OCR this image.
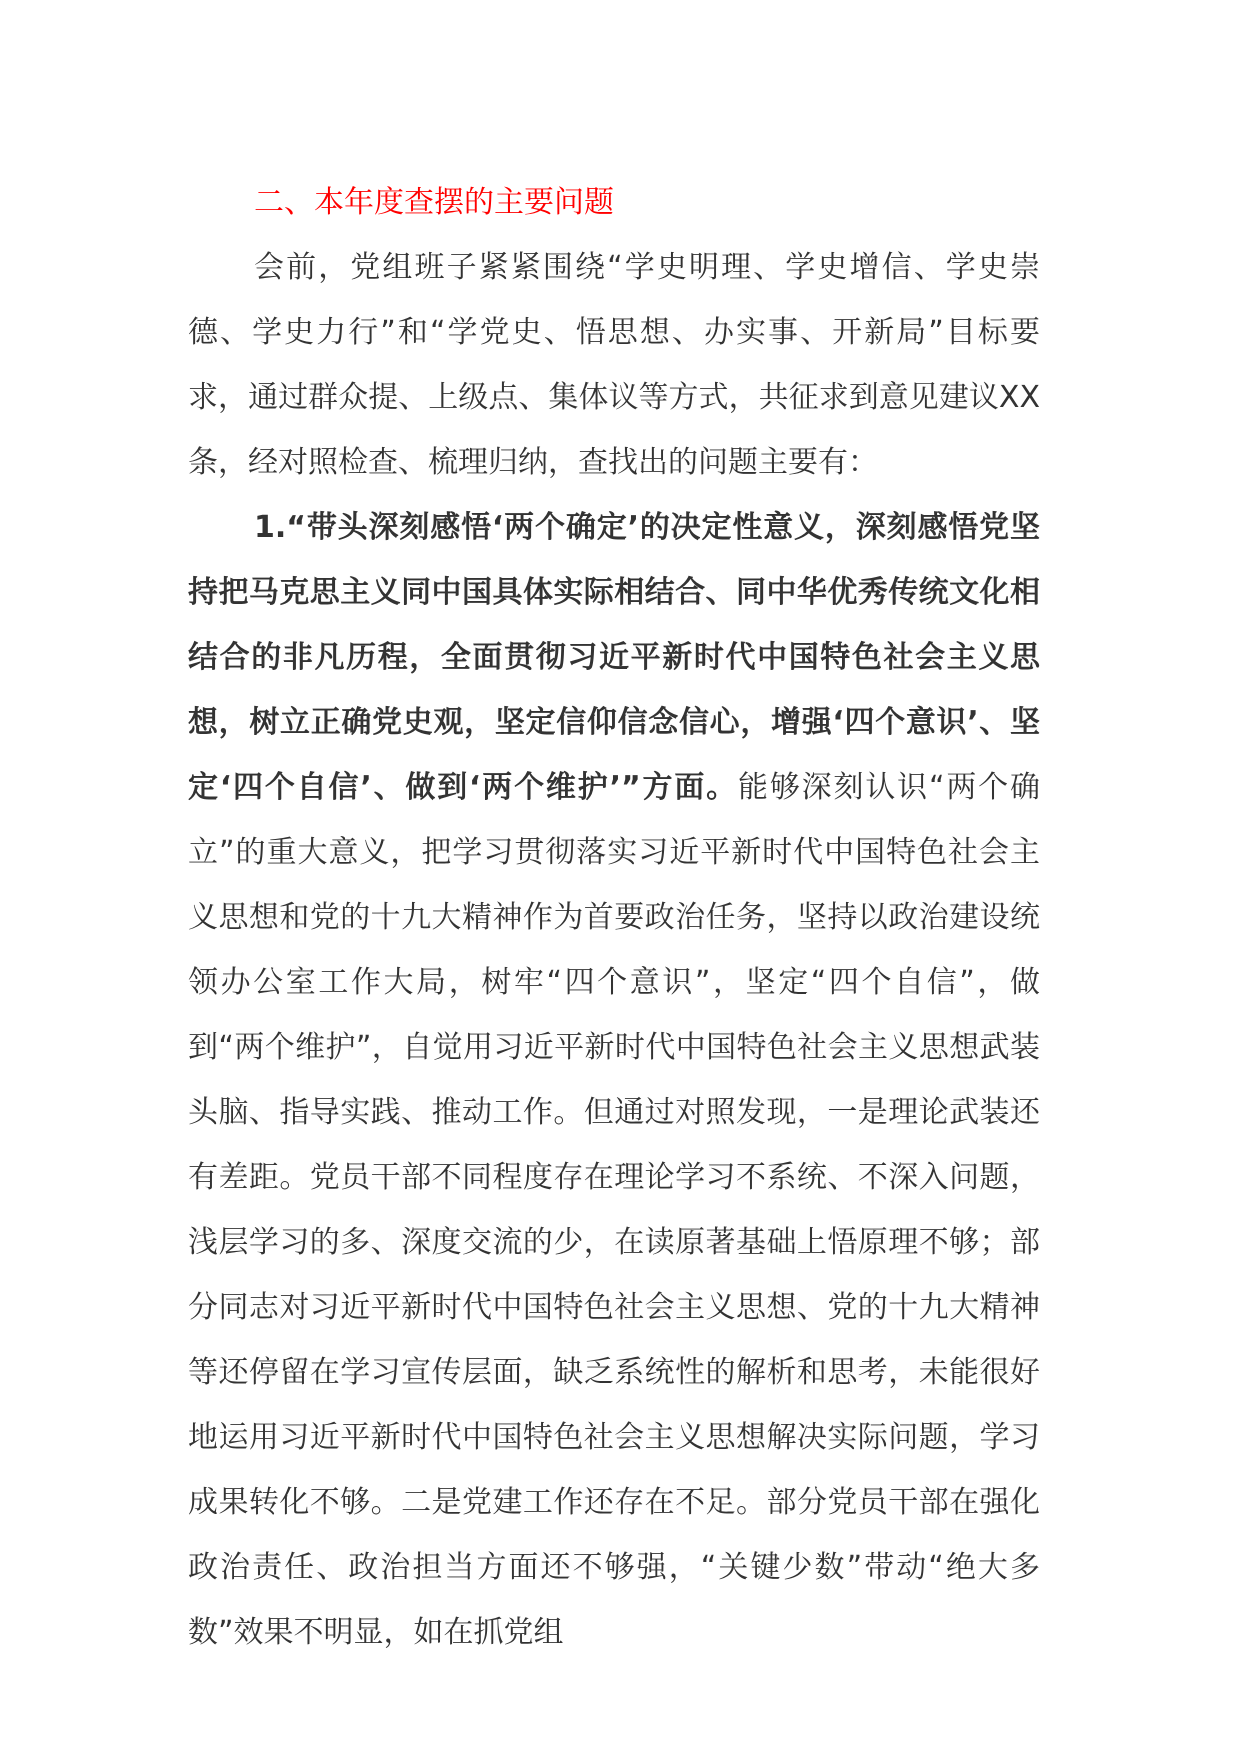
二、本年度查摆的主要问题

会前，党组班子紧紧围绕“学史明理、学史增信、学史崇德、学史力行”和“学党史、悟思想、办实事、开新局”目标要求，通过群众提、上级点、集体议等方式，共征求到意见建议XX条，经对照检查、梳理归纳，查找出的问题主要有：

1.“带头深刻感悟‘两个确定’的决定性意义，深刻感悟党坚持把马克思主义同中国具体实际相结合、同中华优秀传统文化相结合的非凡历程，全面贯彻习近平新时代中国特色社会主义思想，树立正确党史观，坚定信仰信念信心，增强‘四个意识’、坚定‘四个自信’、做到‘两个维护’”方面。能够深刻认识“两个确立”的重大意义，把学习贯彻落实习近平新时代中国特色社会主义思想和党的十九大精神作为首要政治任务，坚持以政治建设统领办公室工作大局，树牢“四个意识”，坚定“四个自信”，做到“两个维护”，自觉用习近平新时代中国特色社会主义思想武装头脑、指导实践、推动工作。但通过对照发现，一是理论武装还有差距。党员干部不同程度存在理论学习不系统、不深入问题，浅层学习的多、深度交流的少，在读原著基础上悟原理不够；部分同志对习近平新时代中国特色社会主义思想、党的十九大精神等还停留在学习宣传层面，缺乏系统性的解析和思考，未能很好地运用习近平新时代中国特色社会主义思想解决实际问题，学习成果转化不够。二是党建工作还存在不足。部分党员干部在强化政治责任、政治担当方面还不够强，“关键少数”带动“绝大多数”效果不明显，如在抓党组
